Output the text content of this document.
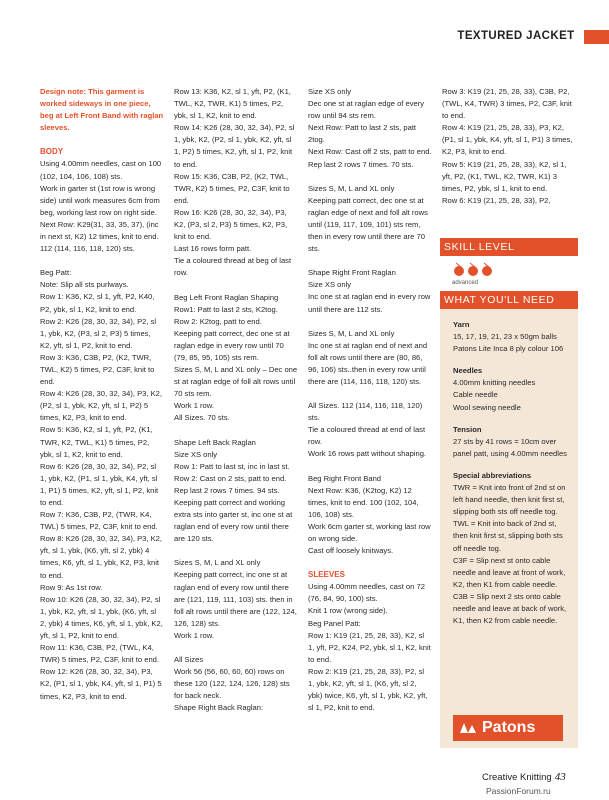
TEXTURED JACKET

Design note: This garment is worked sideways in one piece, beg at Left Front Band with raglan sleeves.

BODY

Using 4.00mm needles, cast on 100 (102, 104, 106, 108) sts.

Work in garter st (1st row is wrong side) until work measures 6cm from beg, working last row on right side.

Next Row: K29(31, 33, 35, 37), (inc in next st, K2) 12 times, knit to end. 112 (114, 116, 118, 120) sts.

Beg Patt:

Note: Slip all sts purlways.

Row 1: K36, K2, sl 1, yft, P2, K40, P2, ybk, sl 1, K2, knit to end.

Row 2: K26 (28, 30, 32, 34), P2, sl 1, ybk, K2, (P3, sl 2, P3) 5 times, K2, yft, sl 1, P2, knit to end.

Row 3: K36, C3B, P2, (K2, TWR, TWL, K2) 5 times, P2, C3F, knit to end.

Row 4: K26 (28, 30, 32, 34), P3, K2, (P2, sl 1, ybk, K2, yft, sl 1, P2) 5 times, K2, P3, knit to end.

Row 5: K36, K2, sl 1, yft, P2, (K1, TWR, K2, TWL, K1) 5 times, P2, ybk, sl 1, K2, knit to end.

Row 6: K26 (28, 30, 32, 34), P2, sl 1, ybk, K2, (P1, sl 1, ybk, K4, yft, sl 1, P1) 5 times, K2, yft, sl 1, P2, knit to end.

Row 7: K36, C3B, P2, (TWR, K4, TWL) 5 times, P2, C3F, knit to end.

Row 8: K26 (28, 30, 32, 34), P3, K2, yft, sl 1, ybk, (K6, yft, sl 2, ybk) 4 times, K6, yft, sl 1, ybk, K2, P3, knit to end.

Row 9: As 1st row.

Row 10: K26 (28, 30, 32, 34), P2, sl 1, ybk, K2, yft, sl 1, ybk, (K6, yft, sl 2, ybk) 4 times, K6, yft, sl 1, ybk, K2, yft, sl 1, P2, knit to end.

Row 11: K36, C3B, P2, (TWL, K4, TWR) 5 times, P2, C3F, knit to end.

Row 12: K26 (28, 30, 32, 34), P3, K2, (P1, sl 1, ybk, K4, yft, sl 1, P1) 5 times, K2, P3, knit to end.

Row 13: K36, K2, sl 1, yft, P2, (K1, TWL, K2, TWR, K1) 5 times, P2, ybk, sl 1, K2, knit to end.

Row 14: K26 (28, 30, 32, 34), P2, sl 1, ybk, K2, (P2, sl 1, ybk, K2, yft, sl 1, P2) 5 times, K2, yft, sl 1, P2, knit to end.

Row 15: K36, C3B, P2, (K2, TWL, TWR, K2) 5 times, P2, C3F, knit to end.

Row 16: K26 (28, 30, 32, 34), P3, K2, (P3, sl 2, P3) 5 times, K2, P3, knit to end.

Last 16 rows form patt.

Tie a coloured thread at beg of last row.

Beg Left Front Raglan Shaping

Row1: Patt to last 2 sts, K2tog.

Row 2: K2tog, patt to end.

Keeping patt correct, dec one st at raglan edge in every row until 70 (79, 85, 95, 105) sts rem.

Sizes S, M, L and XL only – Dec one st at raglan edge of foll alt rows until 70 sts rem.

Work 1 row.

All Sizes. 70 sts.

Shape Left Back Raglan

Size XS only

Row 1: Patt to last st, inc in last st.

Row 2: Cast on 2 sts, patt to end.

Rep last 2 rows 7 times. 94 sts.

Keeping patt correct and working extra sts into garter st, inc one st at raglan end of every row until there are 120 sts.

Sizes S, M, L and XL only

Keeping patt correct, inc one st at raglan end of every row until there are (121, 119, 111, 103) sts. then in foll alt rows until there are (122, 124, 126, 128) sts.

Work 1 row.

All Sizes

Work 56 (56, 60, 60, 60) rows on these 120 (122, 124, 126, 128) sts for back neck.

Shape Right Back Raglan:

Size XS only

Dec one st at raglan edge of every row until 94 sts rem.

Next Row: Patt to last 2 sts, patt 2tog.

Next Row: Cast off 2 sts, patt to end.

Rep last 2 rows 7 times. 70 sts.

Sizes S, M, L and XL only

Keeping patt correct, dec one st at raglan edge of next and foll alt rows until (119, 117, 109, 101) sts rem, then in every row until there are 70 sts.

Shape Right Front Raglan

Size XS only

Inc one st at raglan end in every row until there are 112 sts.

Sizes S, M, L and XL only

Inc one st at raglan end of next and foll alt rows until there are (80, 86, 96, 106) sts..then in every row until there are (114, 116, 118, 120) sts.

All Sizes. 112 (114, 116, 118, 120) sts.

Tie a coloured thread at end of last row.

Work 16 rows patt without shaping.

Beg Right Front Band

Next Row: K36, (K2tog, K2) 12 times, knit to end. 100 (102, 104, 106, 108) sts.

Work 6cm garter st, working last row on wrong side.

Cast off loosely knitways.

SLEEVES

Using 4.00mm needles, cast on 72 (76, 84, 90, 100) sts.

Knit 1 row (wrong side).

Beg Panel Patt:

Row 1: K19 (21, 25, 28, 33), K2, sl 1, yft, P2, K24, P2, ybk, sl 1, K2, knit to end.

Row 2: K19 (21, 25, 28, 33), P2, sl 1, ybk, K2, yft, sl 1, (K6, yft, sl 2, ybk) twice, K6, yft, sl 1, ybk, K2, yft, sl 1, P2, knit to end.

Row 3: K19 (21, 25, 28, 33), C3B, P2, (TWL, K4, TWR) 3 times, P2, C3F, knit to end.

Row 4: K19 (21, 25, 28, 33), P3, K2, (P1, sl 1, ybk, K4, yft, sl 1, P1) 3 times, K2, P3, knit to end.

Row 5: K19 (21, 25, 28, 33), K2, sl 1, yft, P2, (K1, TWL, K2, TWR, K1) 3 times, P2, ybk, sl 1, knit to end.

Row 6: K19 (21, 25, 28, 33), P2,

SKILL LEVEL
advanced
WHAT YOU'LL NEED

Yarn

15, 17, 19, 21, 23 x 50gm balls Patons Lite Inca 8 ply colour 106

Needles

4.00mm knitting needles

Cable needle

Wool sewing needle

Tension

27 sts by 41 rows = 10cm over panel patt, using 4.00mm needles

Special abbreviations

TWR = Knit into front of 2nd st on left hand needle, then knit first st, slipping both sts off needle tog.

TWL = Knit into back of 2nd st, then knit first st, slipping both sts off needle tog.

C3F = Slip next st onto cable needle and leave at front of work, K2, then K1 from cable needle.

C3B = Slip next 2 sts onto cable needle and leave at back of work, K1, then K2 from cable needle.

Patons
Creative Knitting 43
PassionForum.ru
